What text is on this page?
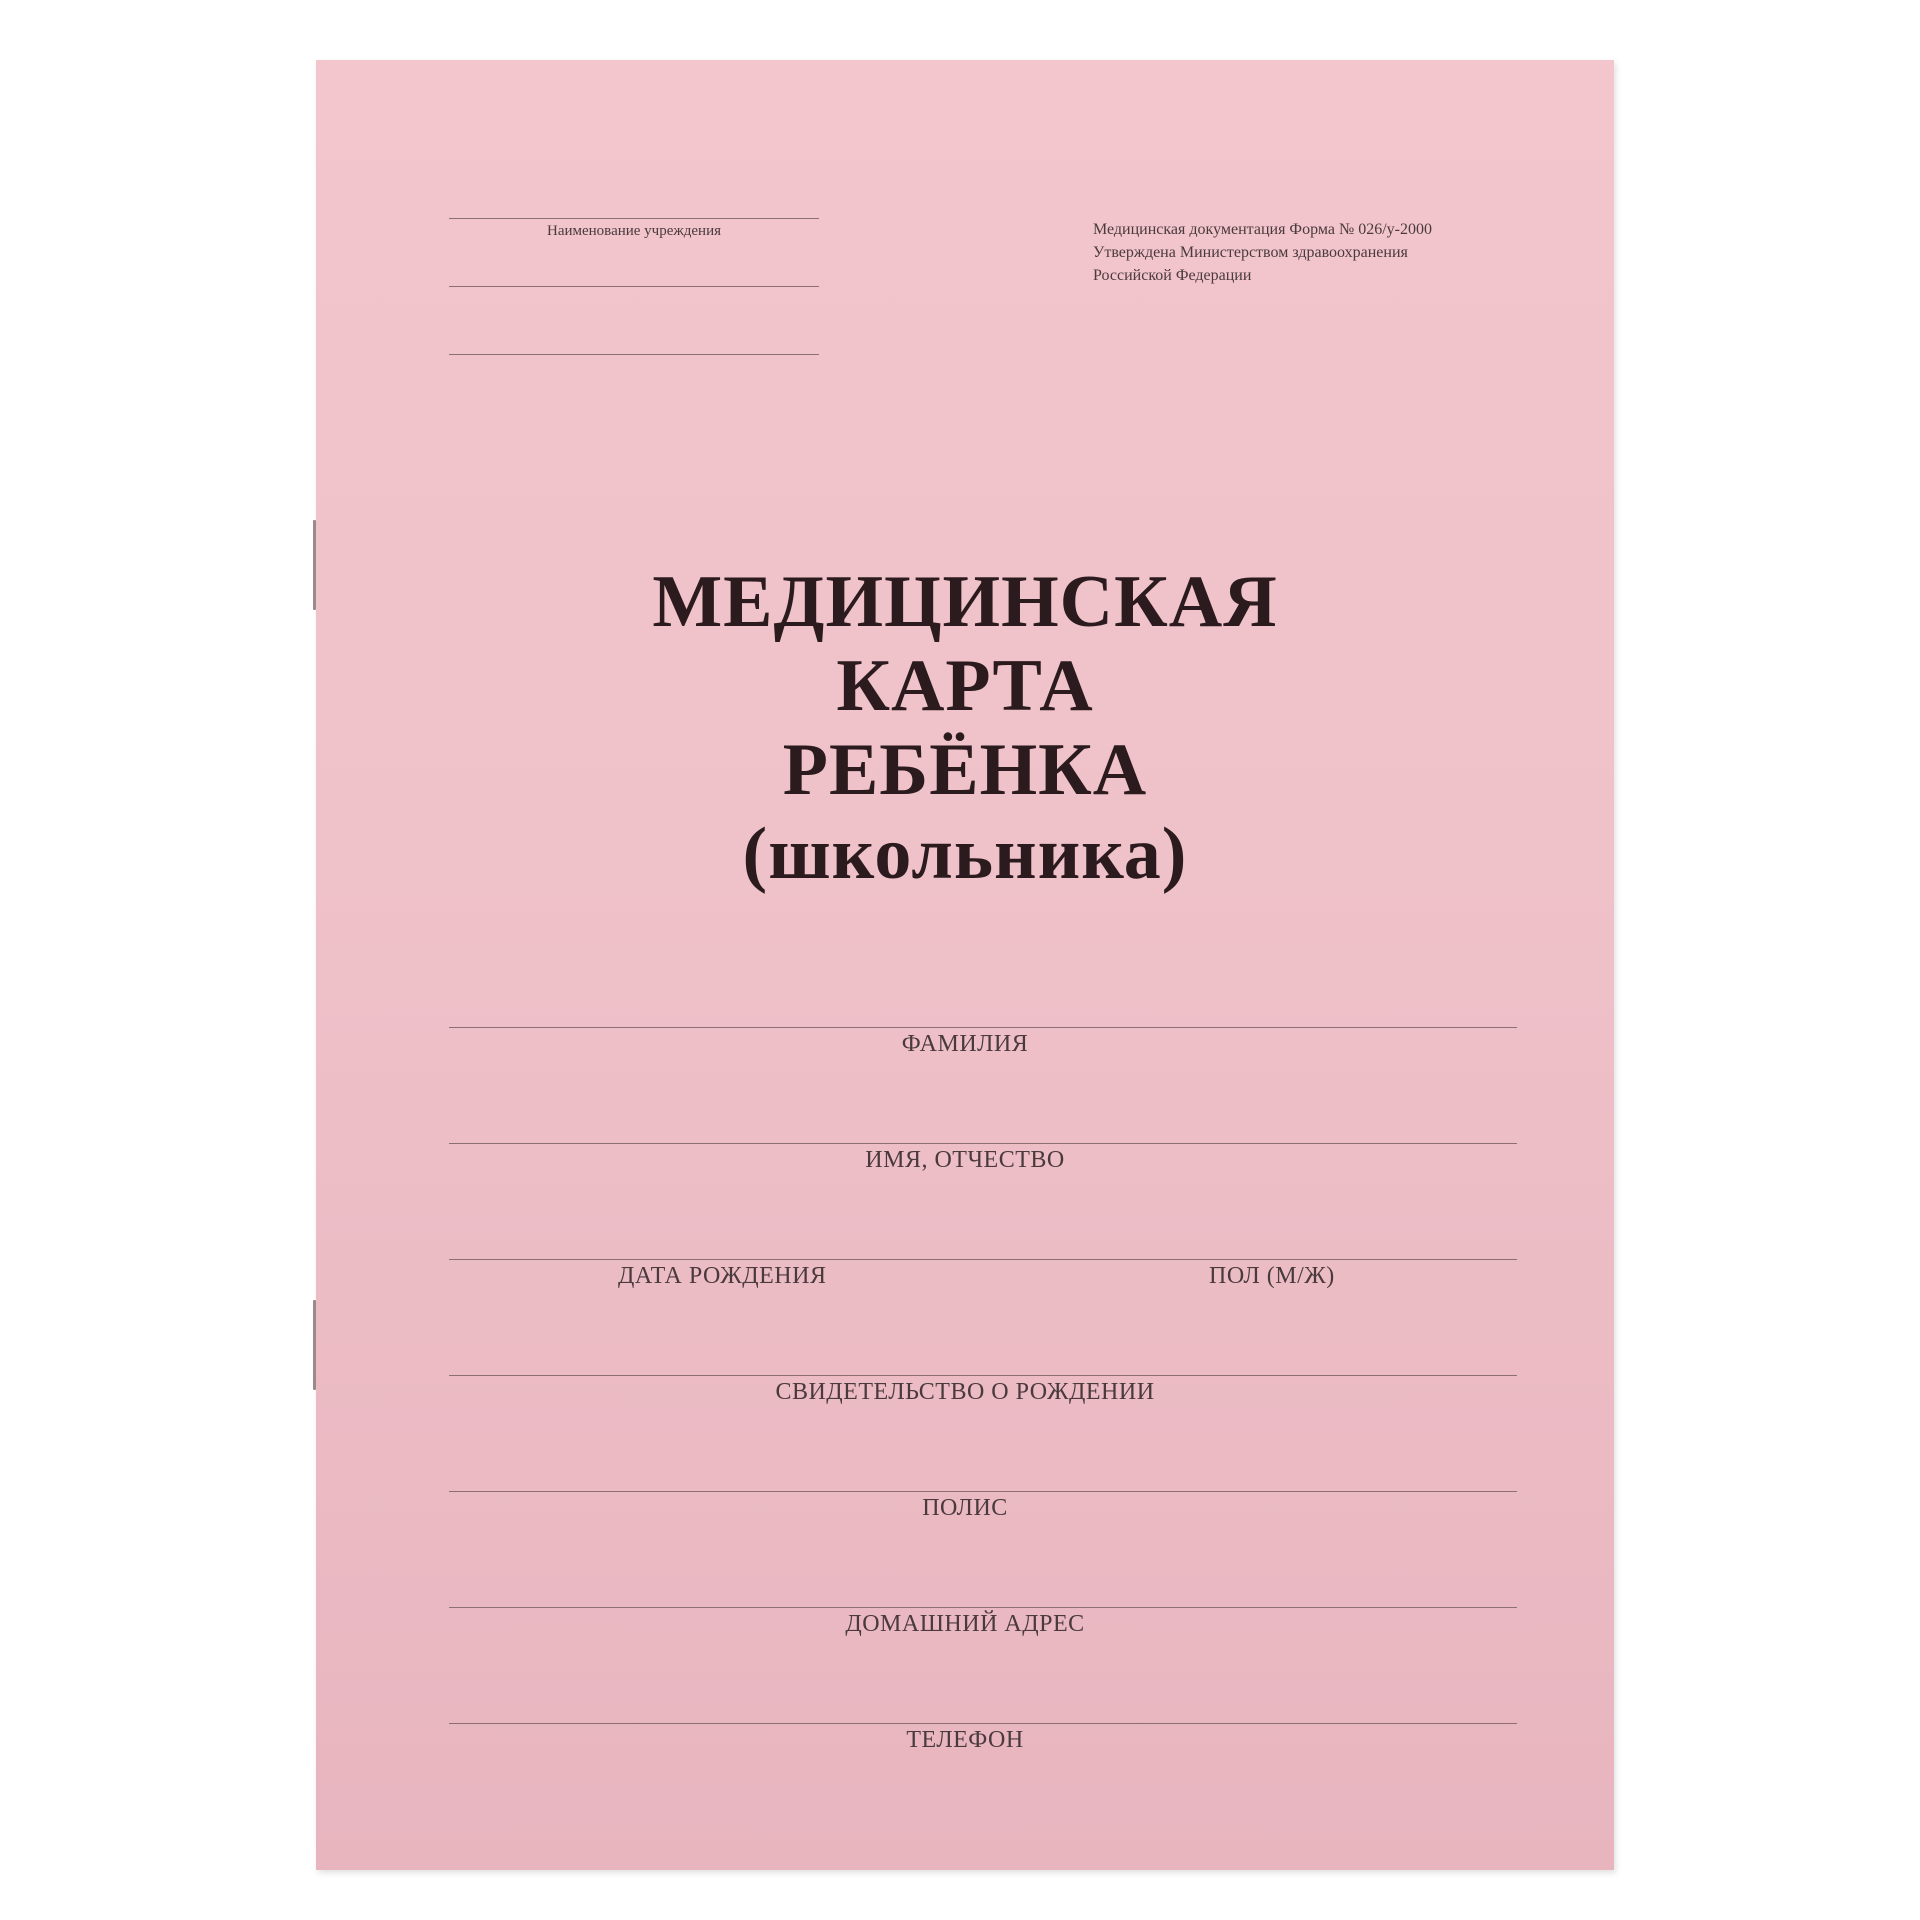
Наименование учреждения	Медицинская документация Форма № 026/у-2000
Утверждена Министерством здравоохранения
Российской Федерации
МЕДИЦИНСКАЯ
КАРТА
РЕБЁНКА
(школьника)
ФАМИЛИЯ
ИМЯ, ОТЧЕСТВО
ДАТА РОЖДЕНИЯ	ПОЛ (М/Ж)
СВИДЕТЕЛЬСТВО О РОЖДЕНИИ
ПОЛИС
ДОМАШНИЙ АДРЕС
ТЕЛЕФОН
